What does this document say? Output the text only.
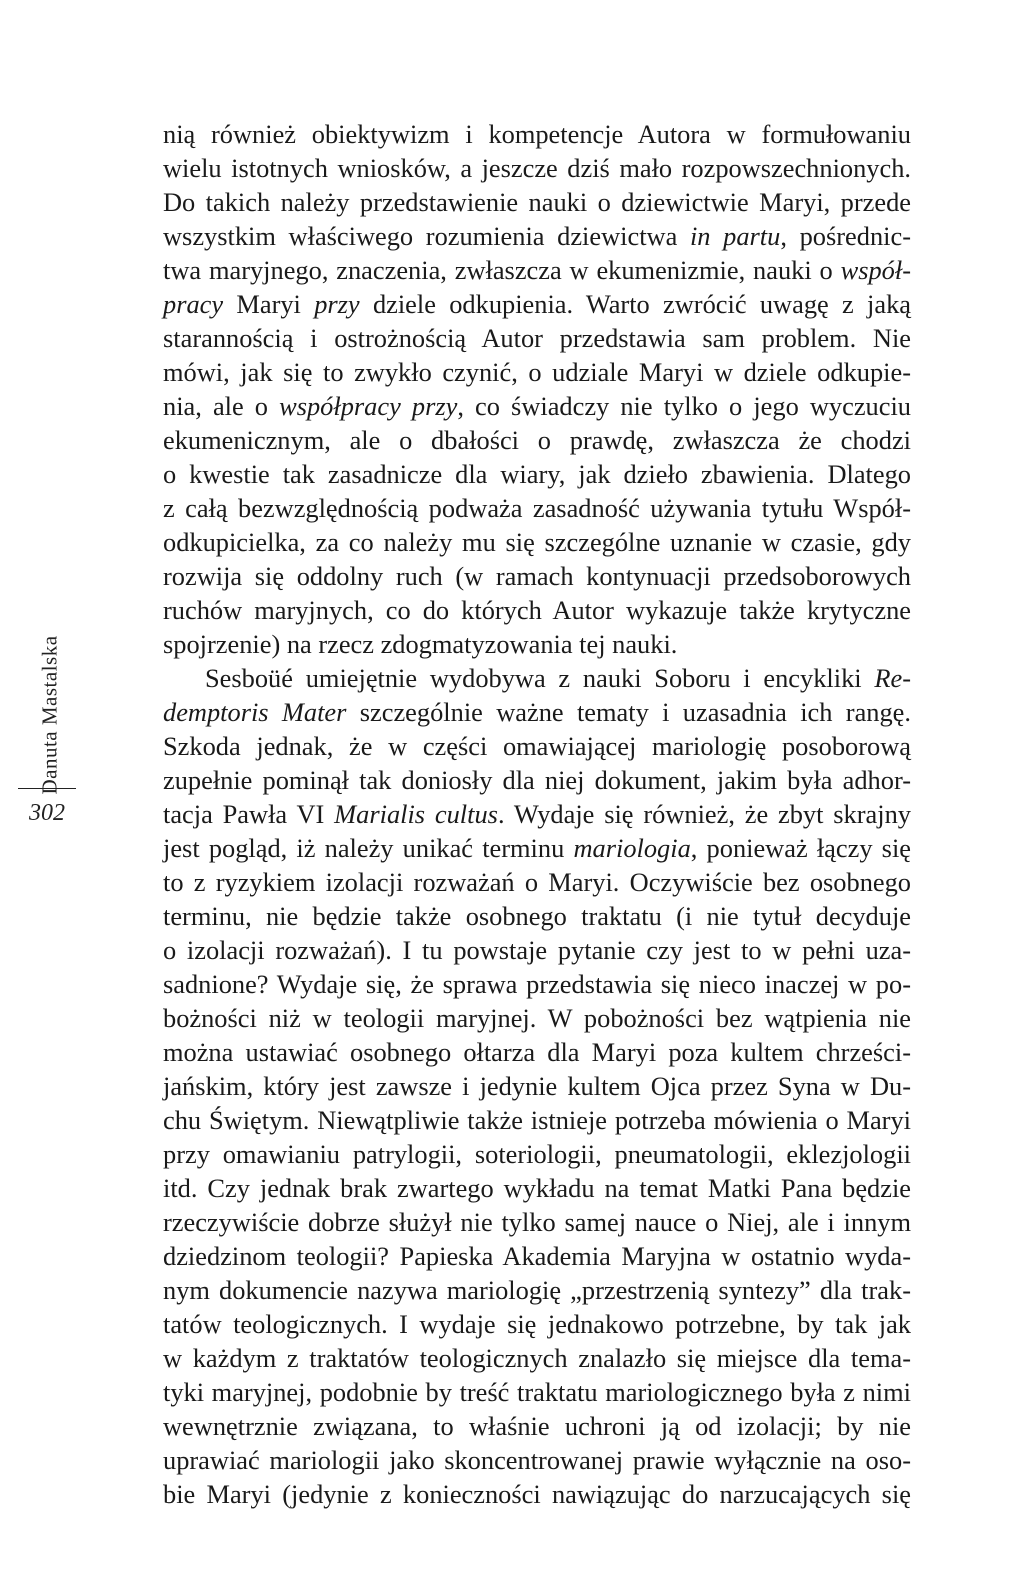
Danuta Mastalska
302
nią również obiektywizm i kompetencje Autora w formułowaniu
wielu istotnych wniosków, a jeszcze dziś mało rozpowszechnionych.
Do takich należy przedstawienie nauki o dziewictwie Maryi, przede
wszystkim właściwego rozumienia dziewictwa in partu, pośrednic-
twa maryjnego, znaczenia, zwłaszcza w ekumenizmie, nauki o współ-
pracy Maryi przy dziele odkupienia. Warto zwrócić uwagę z jaką
starannością i ostrożnością Autor przedstawia sam problem. Nie
mówi, jak się to zwykło czynić, o udziale Maryi w dziele odkupie-
nia, ale o współpracy przy, co świadczy nie tylko o jego wyczuciu
ekumenicznym, ale o dbałości o prawdę, zwłaszcza że chodzi
o kwestie tak zasadnicze dla wiary, jak dzieło zbawienia. Dlatego
z całą bezwzględnością podważa zasadność używania tytułu Współ-
odkupicielka, za co należy mu się szczególne uznanie w czasie, gdy
rozwija się oddolny ruch (w ramach kontynuacji przedsoborowych
ruchów maryjnych, co do których Autor wykazuje także krytyczne
spojrzenie) na rzecz zdogmatyzowania tej nauki.
Sesboüé umiejętnie wydobywa z nauki Soboru i encykliki Re-
demptoris Mater szczególnie ważne tematy i uzasadnia ich rangę.
Szkoda jednak, że w części omawiającej mariologię posoborową
zupełnie pominął tak doniosły dla niej dokument, jakim była adhor-
tacja Pawła VI Marialis cultus. Wydaje się również, że zbyt skrajny
jest pogląd, iż należy unikać terminu mariologia, ponieważ łączy się
to z ryzykiem izolacji rozważań o Maryi. Oczywiście bez osobnego
terminu, nie będzie także osobnego traktatu (i nie tytuł decyduje
o izolacji rozważań). I tu powstaje pytanie czy jest to w pełni uza-
sadnione? Wydaje się, że sprawa przedstawia się nieco inaczej w po-
bożności niż w teologii maryjnej. W pobożności bez wątpienia nie
można ustawiać osobnego ołtarza dla Maryi poza kultem chrześci-
jańskim, który jest zawsze i jedynie kultem Ojca przez Syna w Du-
chu Świętym. Niewątpliwie także istnieje potrzeba mówienia o Maryi
przy omawianiu patrylogii, soteriologii, pneumatologii, eklezjologii
itd. Czy jednak brak zwartego wykładu na temat Matki Pana będzie
rzeczywiście dobrze służył nie tylko samej nauce o Niej, ale i innym
dziedzinom teologii? Papieska Akademia Maryjna w ostatnio wyda-
nym dokumencie nazywa mariologię „przestrzenią syntezy” dla trak-
tatów teologicznych. I wydaje się jednakowo potrzebne, by tak jak
w każdym z traktatów teologicznych znalazło się miejsce dla tema-
tyki maryjnej, podobnie by treść traktatu mariologicznego była z nimi
wewnętrznie związana, to właśnie uchroni ją od izolacji; by nie
uprawiać mariologii jako skoncentrowanej prawie wyłącznie na oso-
bie Maryi (jedynie z konieczności nawiązując do narzucających się
